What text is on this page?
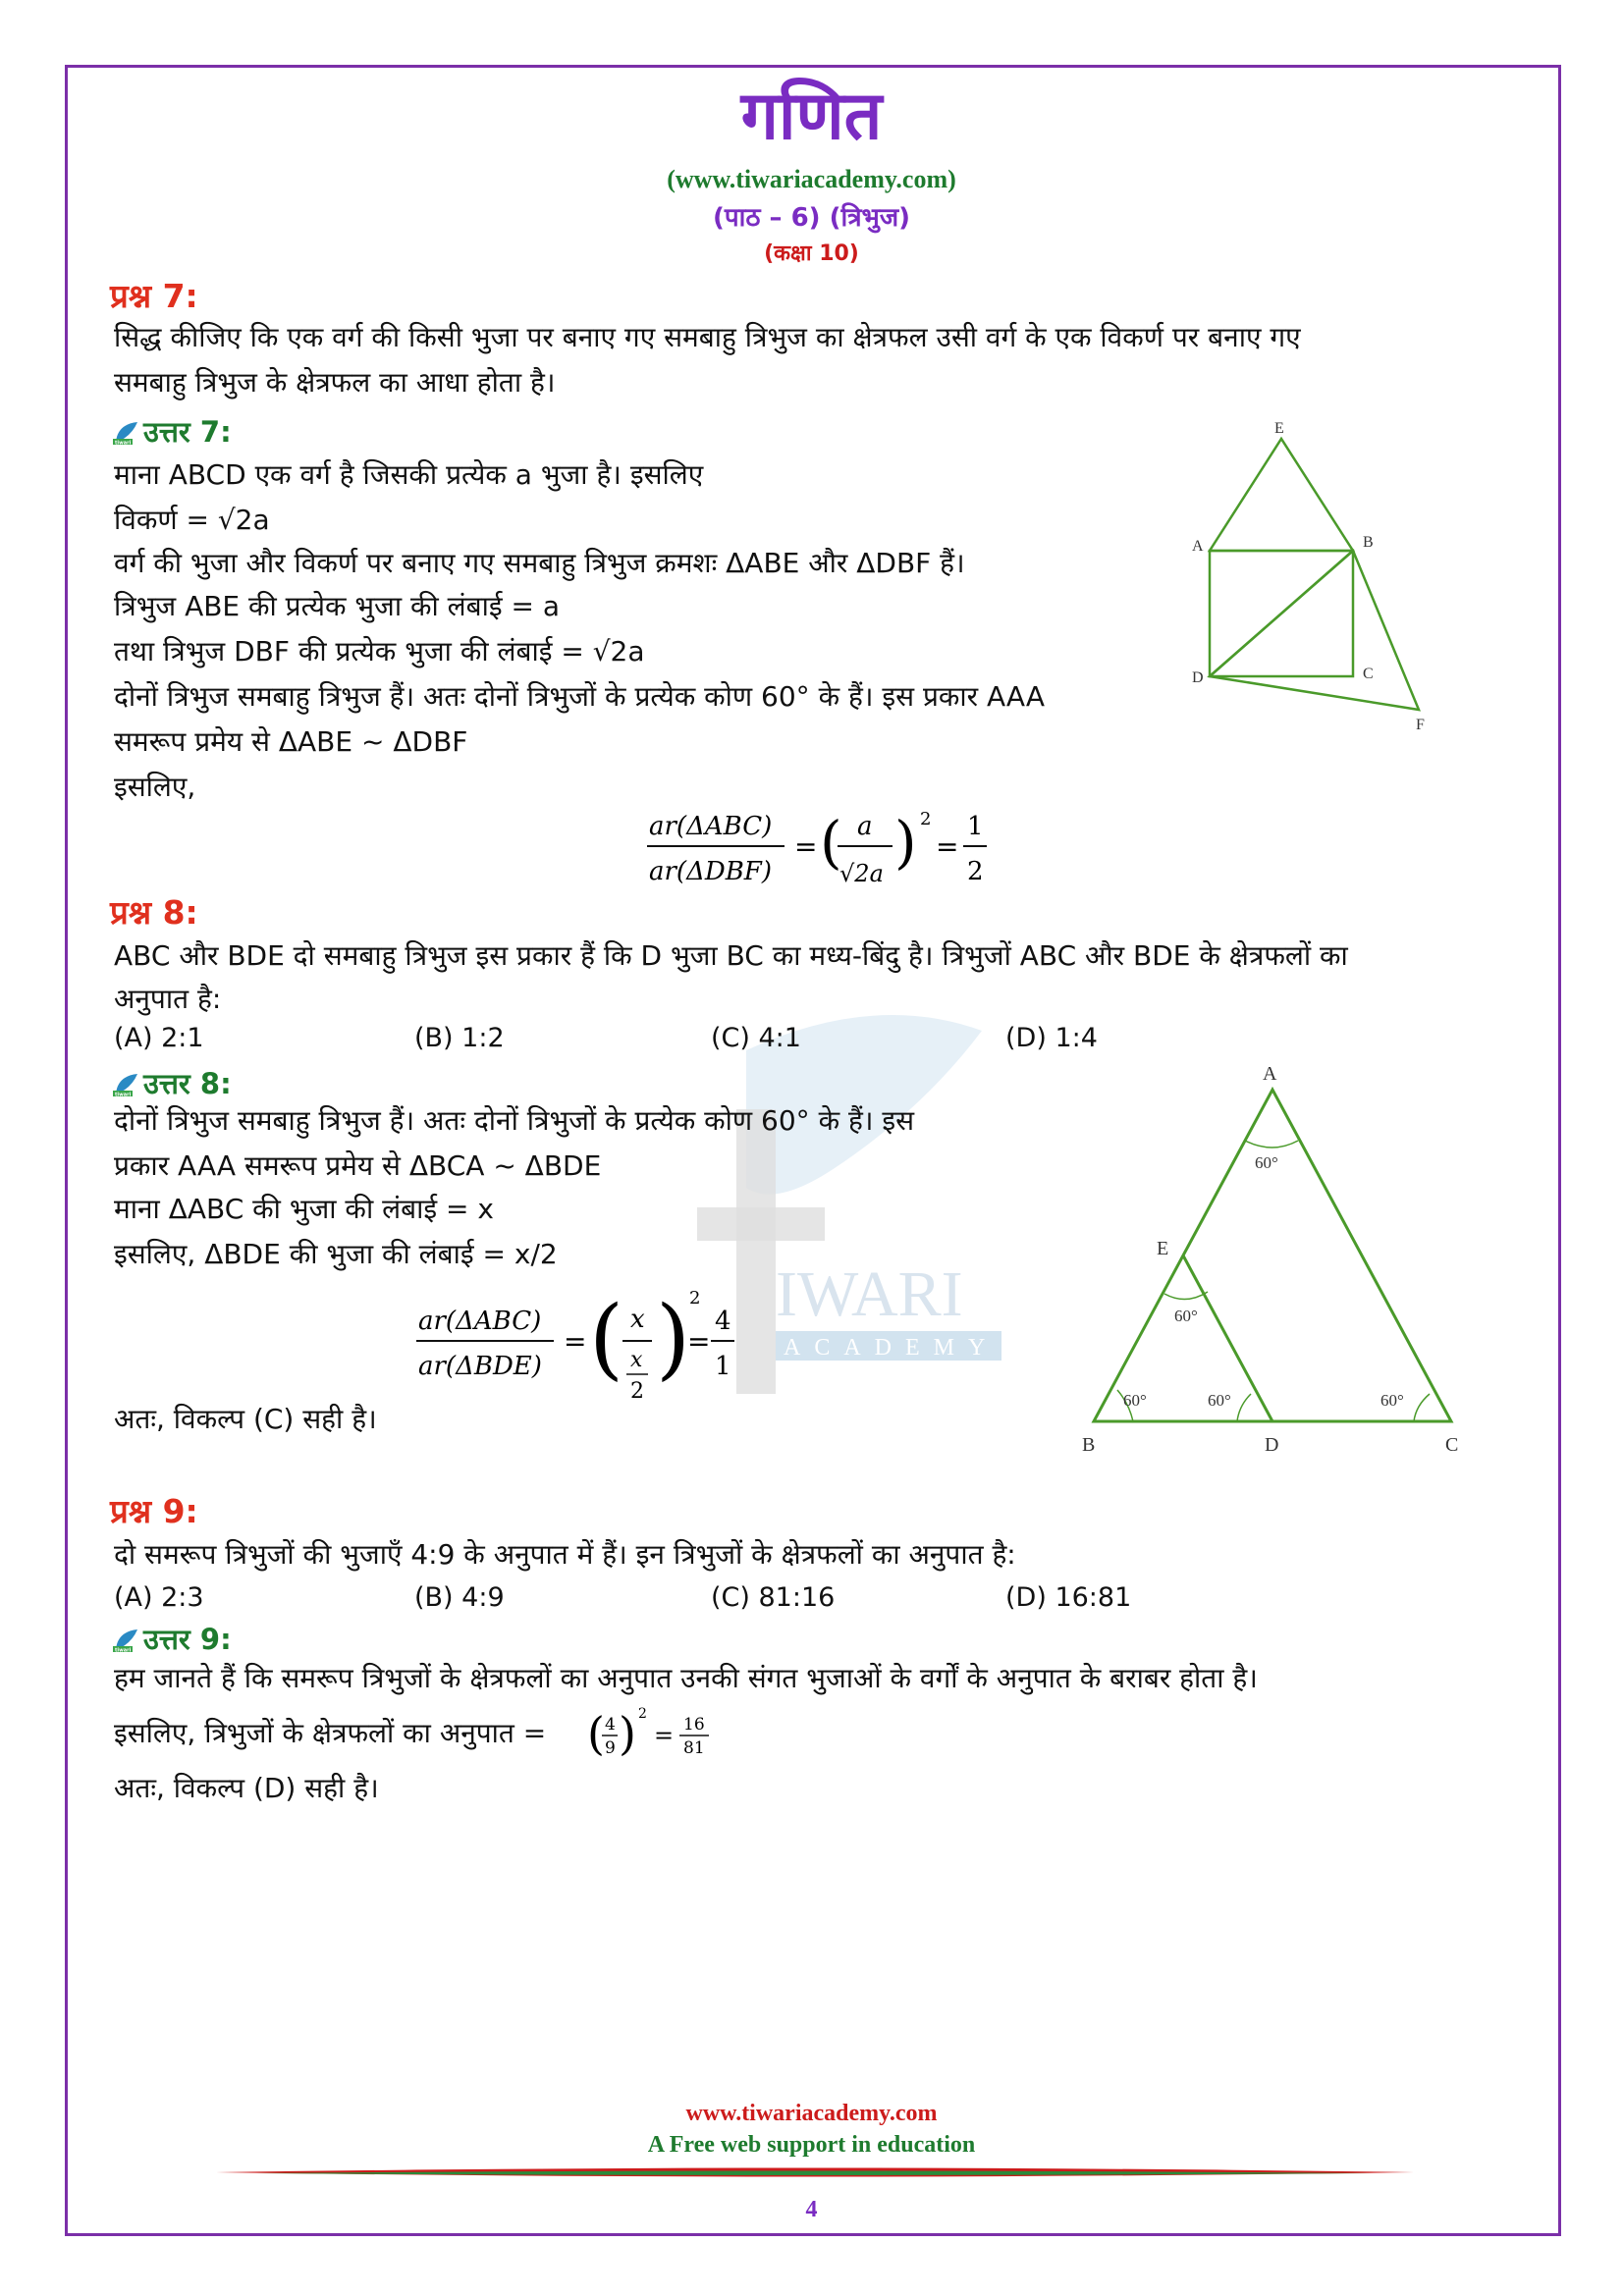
IWARI
ACADEMY
गणित
(www.tiwariacademy.com)
(पाठ – 6) (त्रिभुज)
(कक्षा 10)
प्रश्न 7:
सिद्ध कीजिए कि एक वर्ग की किसी भुजा पर बनाए गए समबाहु त्रिभुज का क्षेत्रफल उसी वर्ग के एक विकर्ण पर बनाए गए
समबाहु त्रिभुज के क्षेत्रफल का आधा होता है।
tiwari उत्तर 7:
माना ABCD एक वर्ग है जिसकी प्रत्येक a भुजा है। इसलिए
विकर्ण = √2a
वर्ग की भुजा और विकर्ण पर बनाए गए समबाहु त्रिभुज क्रमशः ΔABE और ΔDBF हैं।
त्रिभुज ABE की प्रत्येक भुजा की लंबाई = a
तथा त्रिभुज DBF की प्रत्येक भुजा की लंबाई = √2a
दोनों त्रिभुज समबाहु त्रिभुज हैं। अतः दोनों त्रिभुजों के प्रत्येक कोण 60° के हैं। इस प्रकार AAA
समरूप प्रमेय से ΔABE ~ ΔDBF
इसलिए,
ar(ΔABC)
ar(ΔDBF)
= ( a
√2a ) 2
=
1
2
E
A	B
C
D
F
प्रश्न 8:
ABC और BDE दो समबाहु त्रिभुज इस प्रकार हैं कि D भुजा BC का मध्य-बिंदु है। त्रिभुजों ABC और BDE के क्षेत्रफलों का
अनुपात है:
(A) 2:1	(B) 1:2	(C) 4:1	(D) 1:4
tiwari उत्तर 8:
दोनों त्रिभुज समबाहु त्रिभुज हैं। अतः दोनों त्रिभुजों के प्रत्येक कोण 60° के हैं। इस
प्रकार AAA समरूप प्रमेय से ΔBCA ~ ΔBDE
माना ΔABC की भुजा की लंबाई = x
इसलिए, ΔBDE की भुजा की लंबाई = x/2
ar(ΔABC)
ar(ΔBDE)
= ( x
x
2
)
2
=
4
1
अतः, विकल्प (C) सही है।
A
E
B	D	C
60°
60°
60°	60°	60°
प्रश्न 9:
दो समरूप त्रिभुजों की भुजाएँ 4:9 के अनुपात में हैं। इन त्रिभुजों के क्षेत्रफलों का अनुपात है:
(A) 2:3	(B) 4:9	(C) 81:16	(D) 16:81
tiwari उत्तर 9:
हम जानते हैं कि समरूप त्रिभुजों के क्षेत्रफलों का अनुपात उनकी संगत भुजाओं के वर्गों के अनुपात के बराबर होता है।
इसलिए, त्रिभुजों के क्षेत्रफलों का अनुपात = ( 4
9 ) 2
= 16
81
अतः, विकल्प (D) सही है।
www.tiwariacademy.com
A Free web support in education
4
